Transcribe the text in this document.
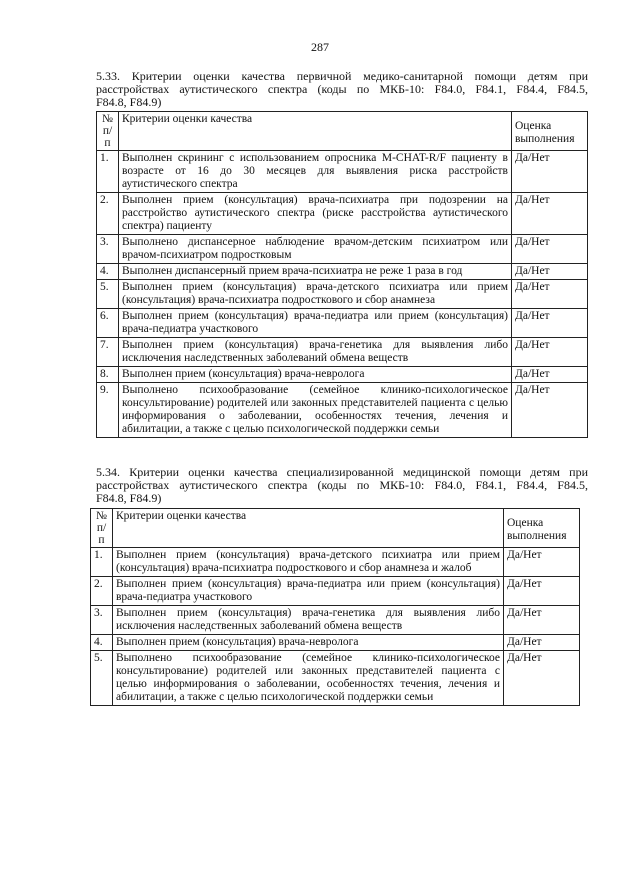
287
5.33. Критерии оценки качества первичной медико-санитарной помощи детям при расстройствах аутистического спектра (коды по МКБ-10: F84.0, F84.1, F84.4, F84.5,
F84.8, F84.9)
№ п/п	Критерии оценки качества	Оценка выполнения
1.	Выполнен скрининг с использованием опросника M-CHAT-R/F пациенту в возрасте от 16 до 30 месяцев для выявления риска расстройств аутистического спектра	Да/Нет
2.	Выполнен прием (консультация) врача-психиатра при подозрении на расстройство аутистического спектра (риске расстройства аутистического спектра) пациенту	Да/Нет
3.	Выполнено диспансерное наблюдение врачом-детским психиатром или врачом-психиатром подростковым	Да/Нет
4.	Выполнен диспансерный прием врача-психиатра не реже 1 раза в год	Да/Нет
5.	Выполнен прием (консультация) врача-детского психиатра или прием (консультация) врача-психиатра подросткового и сбор анамнеза	Да/Нет
6.	Выполнен прием (консультация) врача-педиатра или прием (консультация) врача-педиатра участкового	Да/Нет
7.	Выполнен прием (консультация) врача-генетика для выявления либо исключения наследственных заболеваний обмена веществ	Да/Нет
8.	Выполнен прием (консультация) врача-невролога	Да/Нет
9.	Выполнено психообразование (семейное клинико-психологическое консультирование) родителей или законных представителей пациента с целью информирования о заболевании, особенностях течения, лечения и абилитации, а также с целью психологической поддержки семьи	Да/Нет
5.34. Критерии оценки качества специализированной медицинской помощи детям при расстройствах аутистического спектра (коды по МКБ-10: F84.0, F84.1, F84.4, F84.5,
F84.8, F84.9)
№ п/п	Критерии оценки качества	Оценка выполнения
1.	Выполнен прием (консультация) врача-детского психиатра или прием (консультация) врача-психиатра подросткового и сбор анамнеза и жалоб	Да/Нет
2.	Выполнен прием (консультация) врача-педиатра или прием (консультация) врача-педиатра участкового	Да/Нет
3.	Выполнен прием (консультация) врача-генетика для выявления либо исключения наследственных заболеваний обмена веществ	Да/Нет
4.	Выполнен прием (консультация) врача-невролога	Да/Нет
5.	Выполнено психообразование (семейное клинико-психологическое консультирование) родителей или законных представителей пациента с целью информирования о заболевании, особенностях течения, лечения и абилитации, а также с целью психологической поддержки семьи	Да/Нет
